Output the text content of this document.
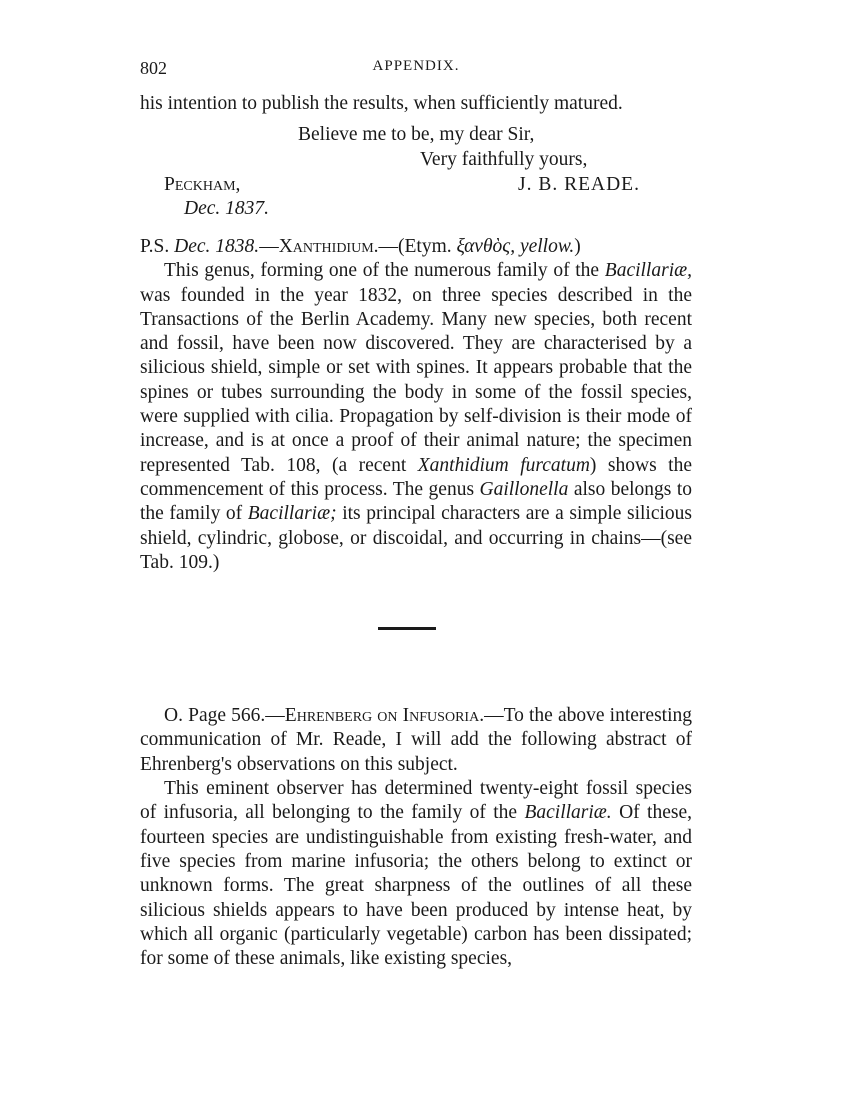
802	APPENDIX.

his intention to publish the results, when sufficiently matured.

Believe me to be, my dear Sir,
Very faithfully yours,
Peckham,	J. B. READE.
Dec. 1837.
P.S. Dec. 1838.—Xanthidium.—(Etym. ξανθὸς, yellow.)

This genus, forming one of the numerous family of the Bacillariæ, was founded in the year 1832, on three species described in the Transactions of the Berlin Academy. Many new species, both recent and fossil, have been now discovered. They are characterised by a silicious shield, simple or set with spines. It appears probable that the spines or tubes surrounding the body in some of the fossil species, were supplied with cilia. Propagation by self-division is their mode of increase, and is at once a proof of their animal nature; the specimen represented Tab. 108, (a recent Xanthidium furcatum) shows the commencement of this process. The genus Gaillonella also belongs to the family of Bacillariæ; its principal characters are a simple silicious shield, cylindric, globose, or discoidal, and occurring in chains—(see Tab. 109.)

O. Page 566.—Ehrenberg on Infusoria.—To the above interesting communication of Mr. Reade, I will add the following abstract of Ehrenberg's observations on this subject.

This eminent observer has determined twenty-eight fossil species of infusoria, all belonging to the family of the Bacillariæ. Of these, fourteen species are undistinguishable from existing fresh-water, and five species from marine infusoria; the others belong to extinct or unknown forms. The great sharpness of the outlines of all these silicious shields appears to have been produced by intense heat, by which all organic (particularly vegetable) carbon has been dissipated; for some of these animals, like existing species,
